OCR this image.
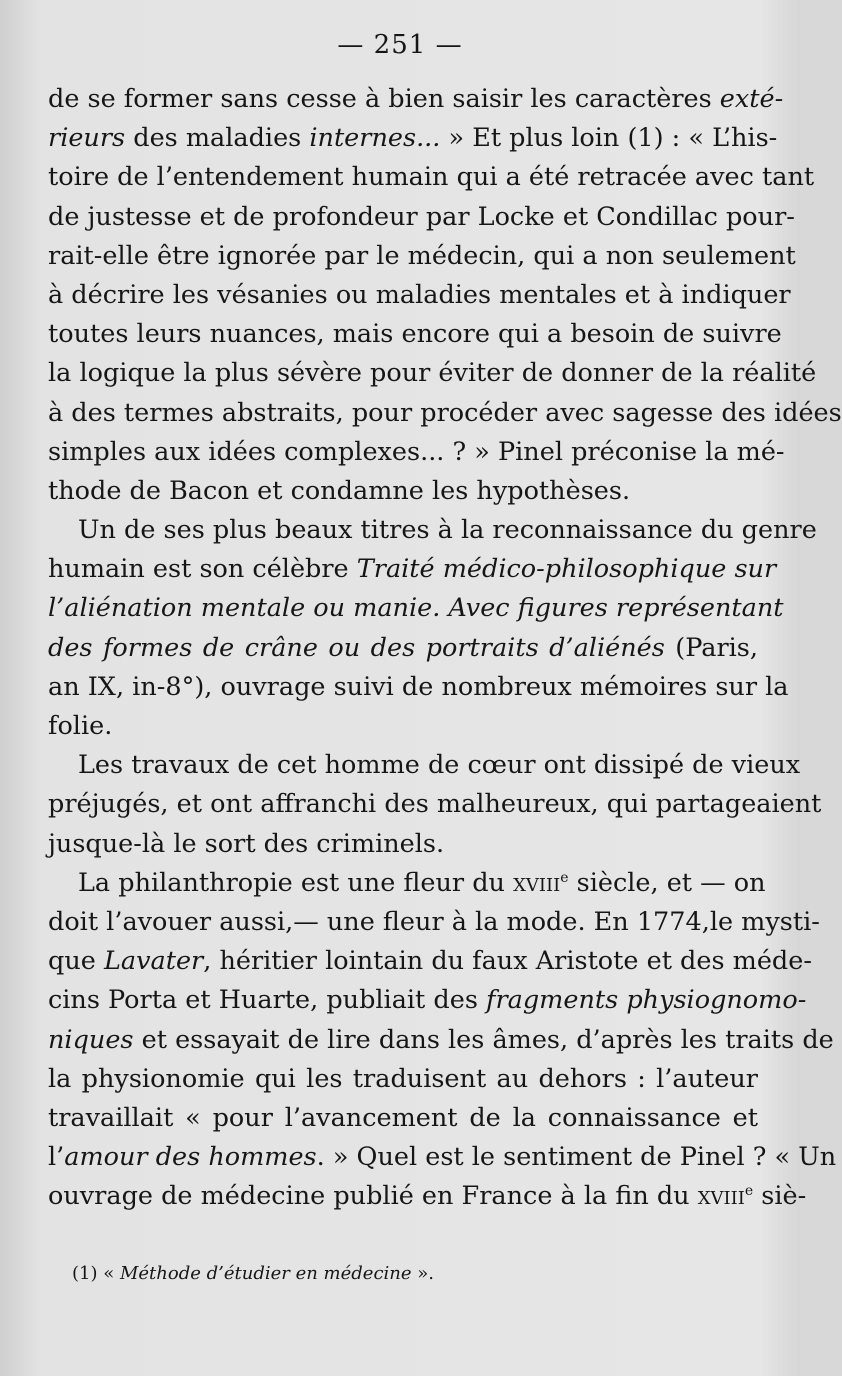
— 251 —
de se former sans cesse à bien saisir les caractères exté-
rieurs des maladies internes... » Et plus loin (1) : « L’his-
toire de l’entendement humain qui a été retracée avec tant
de justesse et de profondeur par Locke et Condillac pour-
rait-elle être ignorée par le médecin, qui a non seulement
à décrire les vésanies ou maladies mentales et à indiquer
toutes leurs nuances, mais encore qui a besoin de suivre
la logique la plus sévère pour éviter de donner de la réalité
à des termes abstraits, pour procéder avec sagesse des idées
simples aux idées complexes... ? » Pinel préconise la mé-
thode de Bacon et condamne les hypothèses.
Un de ses plus beaux titres à la reconnaissance du genre
humain est son célèbre Traité médico-philosophique sur
l’aliénation mentale ou manie. Avec figures représentant
des formes de crâne ou des portraits d’aliénés (Paris,
an IX, in-8°), ouvrage suivi de nombreux mémoires sur la
folie.
Les travaux de cet homme de cœur ont dissipé de vieux
préjugés, et ont affranchi des malheureux, qui partageaient
jusque-là le sort des criminels.
La philanthropie est une fleur du xviii$^e$ siècle, et — on
doit l’avouer aussi,— une fleur à la mode. En 1774,le mysti-
que Lavater, héritier lointain du faux Aristote et des méde-
cins Porta et Huarte, publiait des fragments physiognomo-
niques et essayait de lire dans les âmes, d’après les traits de
la physionomie qui les traduisent au dehors : l’auteur
travaillait « pour l’avancement de la connaissance et
l’amour des hommes. » Quel est le sentiment de Pinel ? « Un
ouvrage de médecine publié en France à la fin du xviii$^e$ siè-
(1) « Méthode d’étudier en médecine ».
